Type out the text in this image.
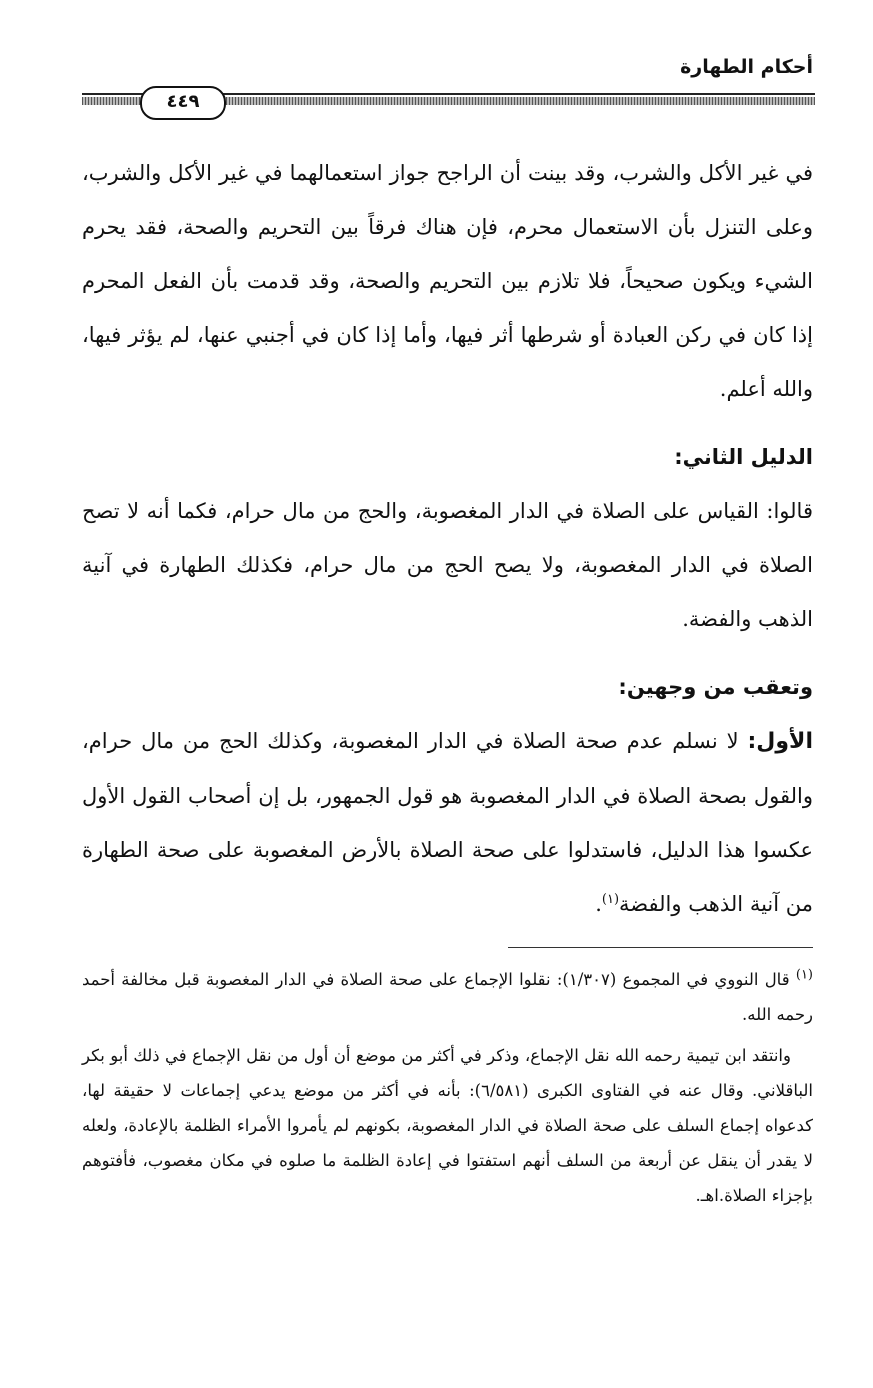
أحكام الطهارة
٤٤٩

في غير الأكل والشرب، وقد بينت أن الراجح جواز استعمالهما في غير الأكل والشرب، وعلى التنزل بأن الاستعمال محرم، فإن هناك فرقاً بين التحريم والصحة، فقد يحرم الشيء ويكون صحيحاً، فلا تلازم بين التحريم والصحة، وقد قدمت بأن الفعل المحرم إذا كان في ركن العبادة أو شرطها أثر فيها، وأما إذا كان في أجنبي عنها، لم يؤثر فيها، والله أعلم.

الدليل الثاني:

قالوا: القياس على الصلاة في الدار المغصوبة، والحج من مال حرام، فكما أنه لا تصح الصلاة في الدار المغصوبة، ولا يصح الحج من مال حرام، فكذلك الطهارة في آنية الذهب والفضة.

وتعقب من وجهين:

الأول: لا نسلم عدم صحة الصلاة في الدار المغصوبة، وكذلك الحج من مال حرام، والقول بصحة الصلاة في الدار المغصوبة هو قول الجمهور، بل إن أصحاب القول الأول عكسوا هذا الدليل، فاستدلوا على صحة الصلاة بالأرض المغصوبة على صحة الطهارة من آنية الذهب والفضة$^{(١)}$.

$^{(١)}$ قال النووي في المجموع (١/٣٠٧): نقلوا الإجماع على صحة الصلاة في الدار المغصوبة قبل مخالفة أحمد رحمه الله.

وانتقد ابن تيمية رحمه الله نقل الإجماع، وذكر في أكثر من موضع أن أول من نقل الإجماع في ذلك أبو بكر الباقلاني. وقال عنه في الفتاوى الكبرى (٦/٥٨١): بأنه في أكثر من موضع يدعي إجماعات لا حقيقة لها، كدعواه إجماع السلف على صحة الصلاة في الدار المغصوبة، بكونهم لم يأمروا الأمراء الظلمة بالإعادة، ولعله لا يقدر أن ينقل عن أربعة من السلف أنهم استفتوا في إعادة الظلمة ما صلوه في مكان مغصوب، فأفتوهم بإجزاء الصلاة.اهـ.
